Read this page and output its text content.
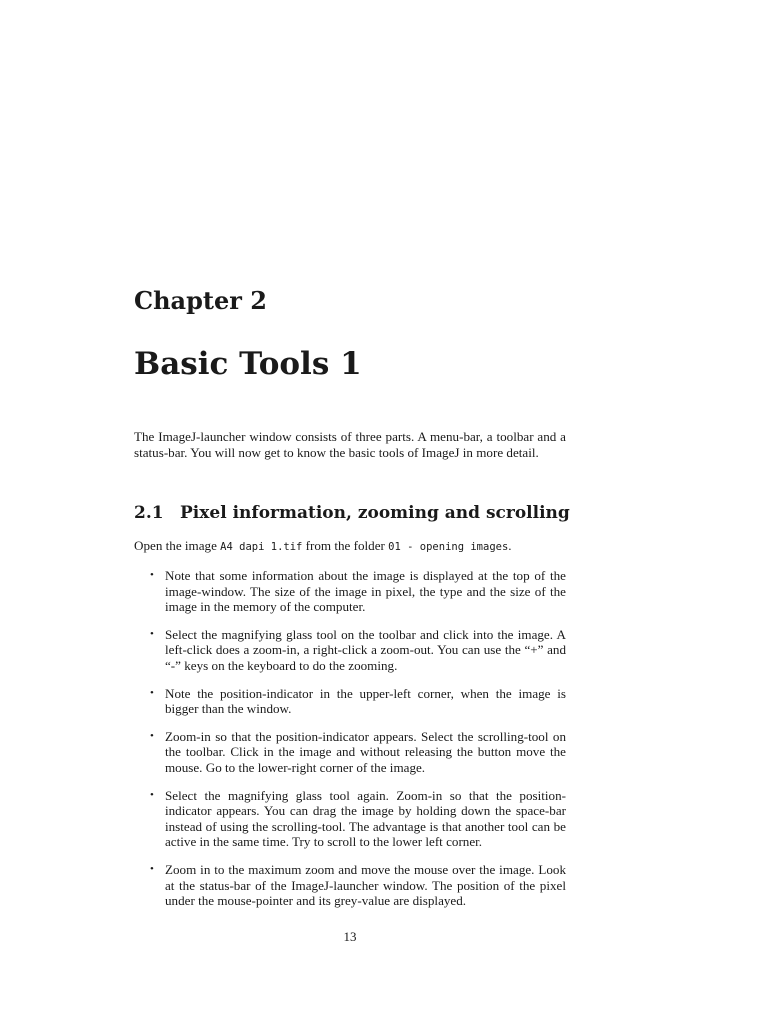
Chapter 2
Basic Tools 1

The ImageJ-launcher window consists of three parts. A menu-bar, a toolbar and a status-bar. You will now get to know the basic tools of ImageJ in more detail.

2.1 Pixel information, zooming and scrolling
Open the image A4 dapi 1.tif from the folder 01 - opening images.
• Note that some information about the image is displayed at the top of the image-window. The size of the image in pixel, the type and the size of the image in the memory of the computer.
• Select the magnifying glass tool on the toolbar and click into the image. A left-click does a zoom-in, a right-click a zoom-out. You can use the “+” and “-” keys on the keyboard to do the zooming.
• Note the position-indicator in the upper-left corner, when the image is bigger than the window.
• Zoom-in so that the position-indicator appears. Select the scrolling-tool on the toolbar. Click in the image and without releasing the button move the mouse. Go to the lower-right corner of the image.
• Select the magnifying glass tool again. Zoom-in so that the position-indicator appears. You can drag the image by holding down the space-bar instead of using the scrolling-tool. The advantage is that another tool can be active in the same time. Try to scroll to the lower left corner.
• Zoom in to the maximum zoom and move the mouse over the image. Look at the status-bar of the ImageJ-launcher window. The position of the pixel under the mouse-pointer and its grey-value are displayed.
13
